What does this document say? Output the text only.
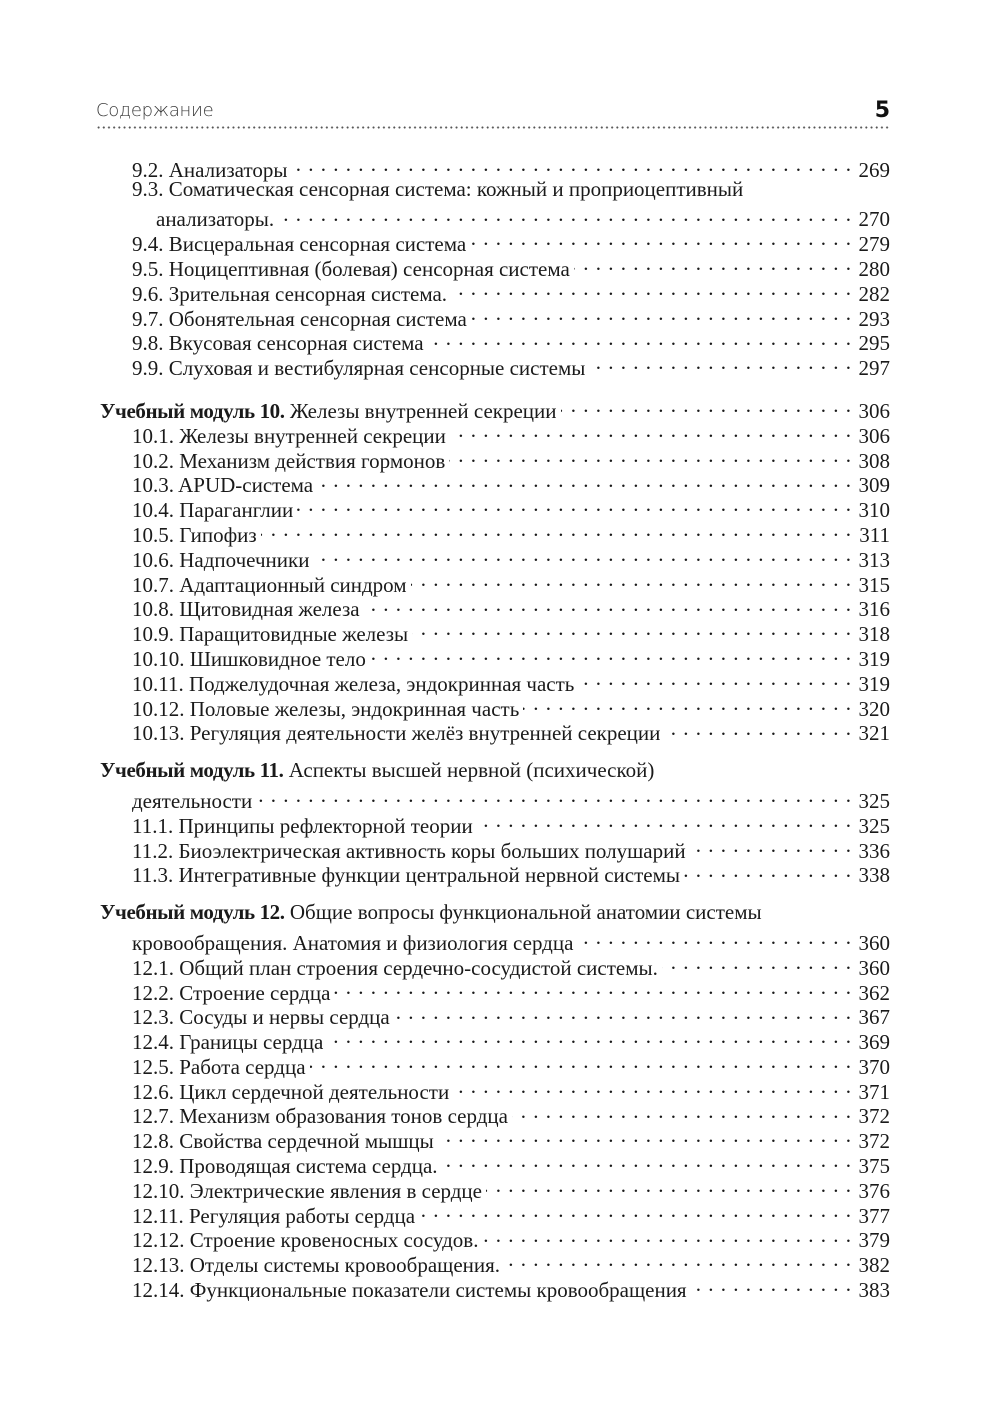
Содержание	5
9.2. Анализаторы . . .	269
9.3. Соматическая сенсорная система: кожный и проприоцептивный
анализаторы. . . .	270
9.4. Висцеральная сенсорная система . . .	279
9.5. Ноцицептивная (болевая) сенсорная система . . .	280
9.6. Зрительная сенсорная система. . . .	282
9.7. Обонятельная сенсорная система . . .	293
9.8. Вкусовая сенсорная система . . .	295
9.9. Слуховая и вестибулярная сенсорные системы . . .	297
Учебный модуль 10. Железы внутренней секреции . . .	306
10.1. Железы внутренней секреции . . .	306
10.2. Механизм действия гормонов . . .	308
10.3. APUD-система . . .	309
10.4. Параганглии . . .	310
10.5. Гипофиз . . .	311
10.6. Надпочечники . . .	313
10.7. Адаптационный синдром . . .	315
10.8. Щитовидная железа . . .	316
10.9. Паращитовидные железы . . .	318
10.10. Шишковидное тело . . .	319
10.11. Поджелудочная железа, эндокринная часть . . .	319
10.12. Половые железы, эндокринная часть . . .	320
10.13. Регуляция деятельности желёз внутренней секреции . . .	321
Учебный модуль 11. Аспекты высшей нервной (психической)
деятельности . . .	325
11.1. Принципы рефлекторной теории . . .	325
11.2. Биоэлектрическая активность коры больших полушарий . . .	336
11.3. Интегративные функции центральной нервной системы . . .	338
Учебный модуль 12. Общие вопросы функциональной анатомии системы
кровообращения. Анатомия и физиология сердца . . .	360
12.1. Общий план строения сердечно-сосудистой системы. . . .	360
12.2. Строение сердца . . .	362
12.3. Сосуды и нервы сердца . . .	367
12.4. Границы сердца . . .	369
12.5. Работа сердца . . .	370
12.6. Цикл сердечной деятельности . . .	371
12.7. Механизм образования тонов сердца . . .	372
12.8. Свойства сердечной мышцы . . .	372
12.9. Проводящая система сердца. . . .	375
12.10. Электрические явления в сердце . . .	376
12.11. Регуляция работы сердца . . .	377
12.12. Строение кровеносных сосудов. . . .	379
12.13. Отделы системы кровообращения. . . .	382
12.14. Функциональные показатели системы кровообращения . . .	383
